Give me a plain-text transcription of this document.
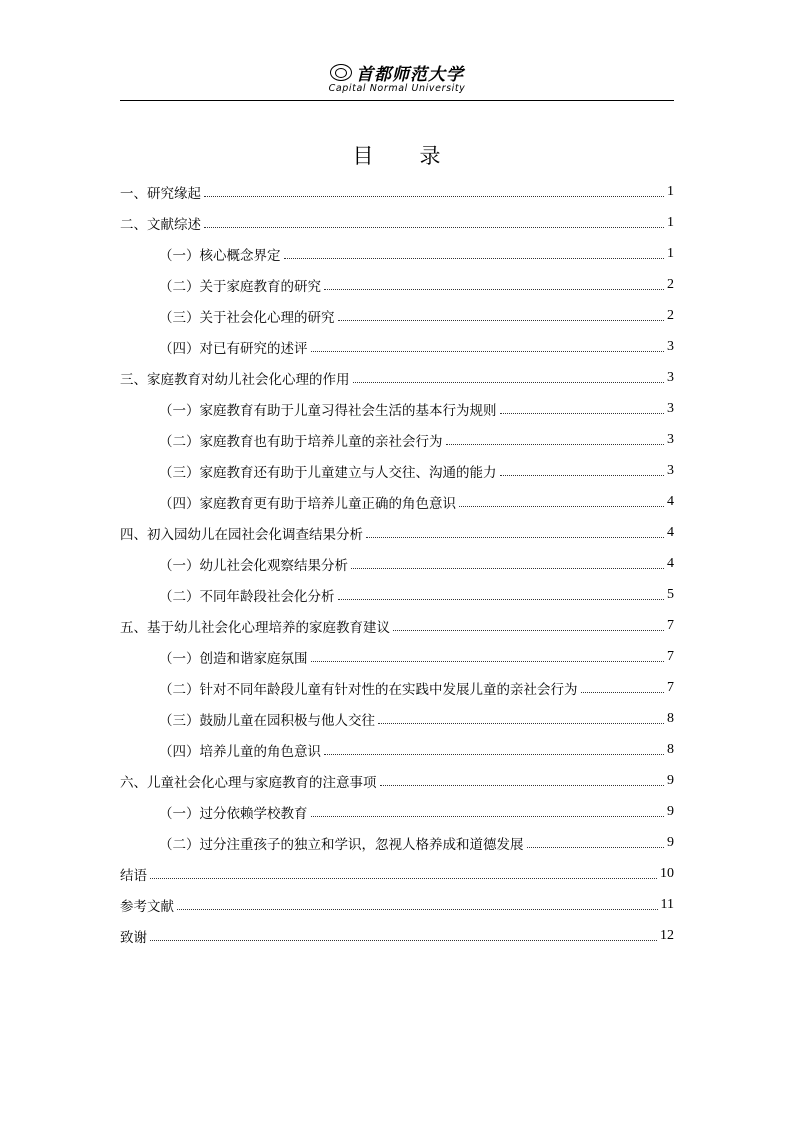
首都师范大学
Capital Normal University
目录
一、研究缘起	1
二、文献综述	1
（一）核心概念界定	1
（二）关于家庭教育的研究	2
（三）关于社会化心理的研究	2
（四）对已有研究的述评	3
三、家庭教育对幼儿社会化心理的作用	3
（一）家庭教育有助于儿童习得社会生活的基本行为规则	3
（二）家庭教育也有助于培养儿童的亲社会行为	3
（三）家庭教育还有助于儿童建立与人交往、沟通的能力	3
（四）家庭教育更有助于培养儿童正确的角色意识	4
四、初入园幼儿在园社会化调查结果分析	4
（一）幼儿社会化观察结果分析	4
（二）不同年龄段社会化分析	5
五、基于幼儿社会化心理培养的家庭教育建议	7
（一）创造和谐家庭氛围	7
（二）针对不同年龄段儿童有针对性的在实践中发展儿童的亲社会行为	7
（三）鼓励儿童在园积极与他人交往	8
（四）培养儿童的角色意识	8
六、儿童社会化心理与家庭教育的注意事项	9
（一）过分依赖学校教育	9
（二）过分注重孩子的独立和学识，忽视人格养成和道德发展	9
结语	10
参考文献	11
致谢	12
